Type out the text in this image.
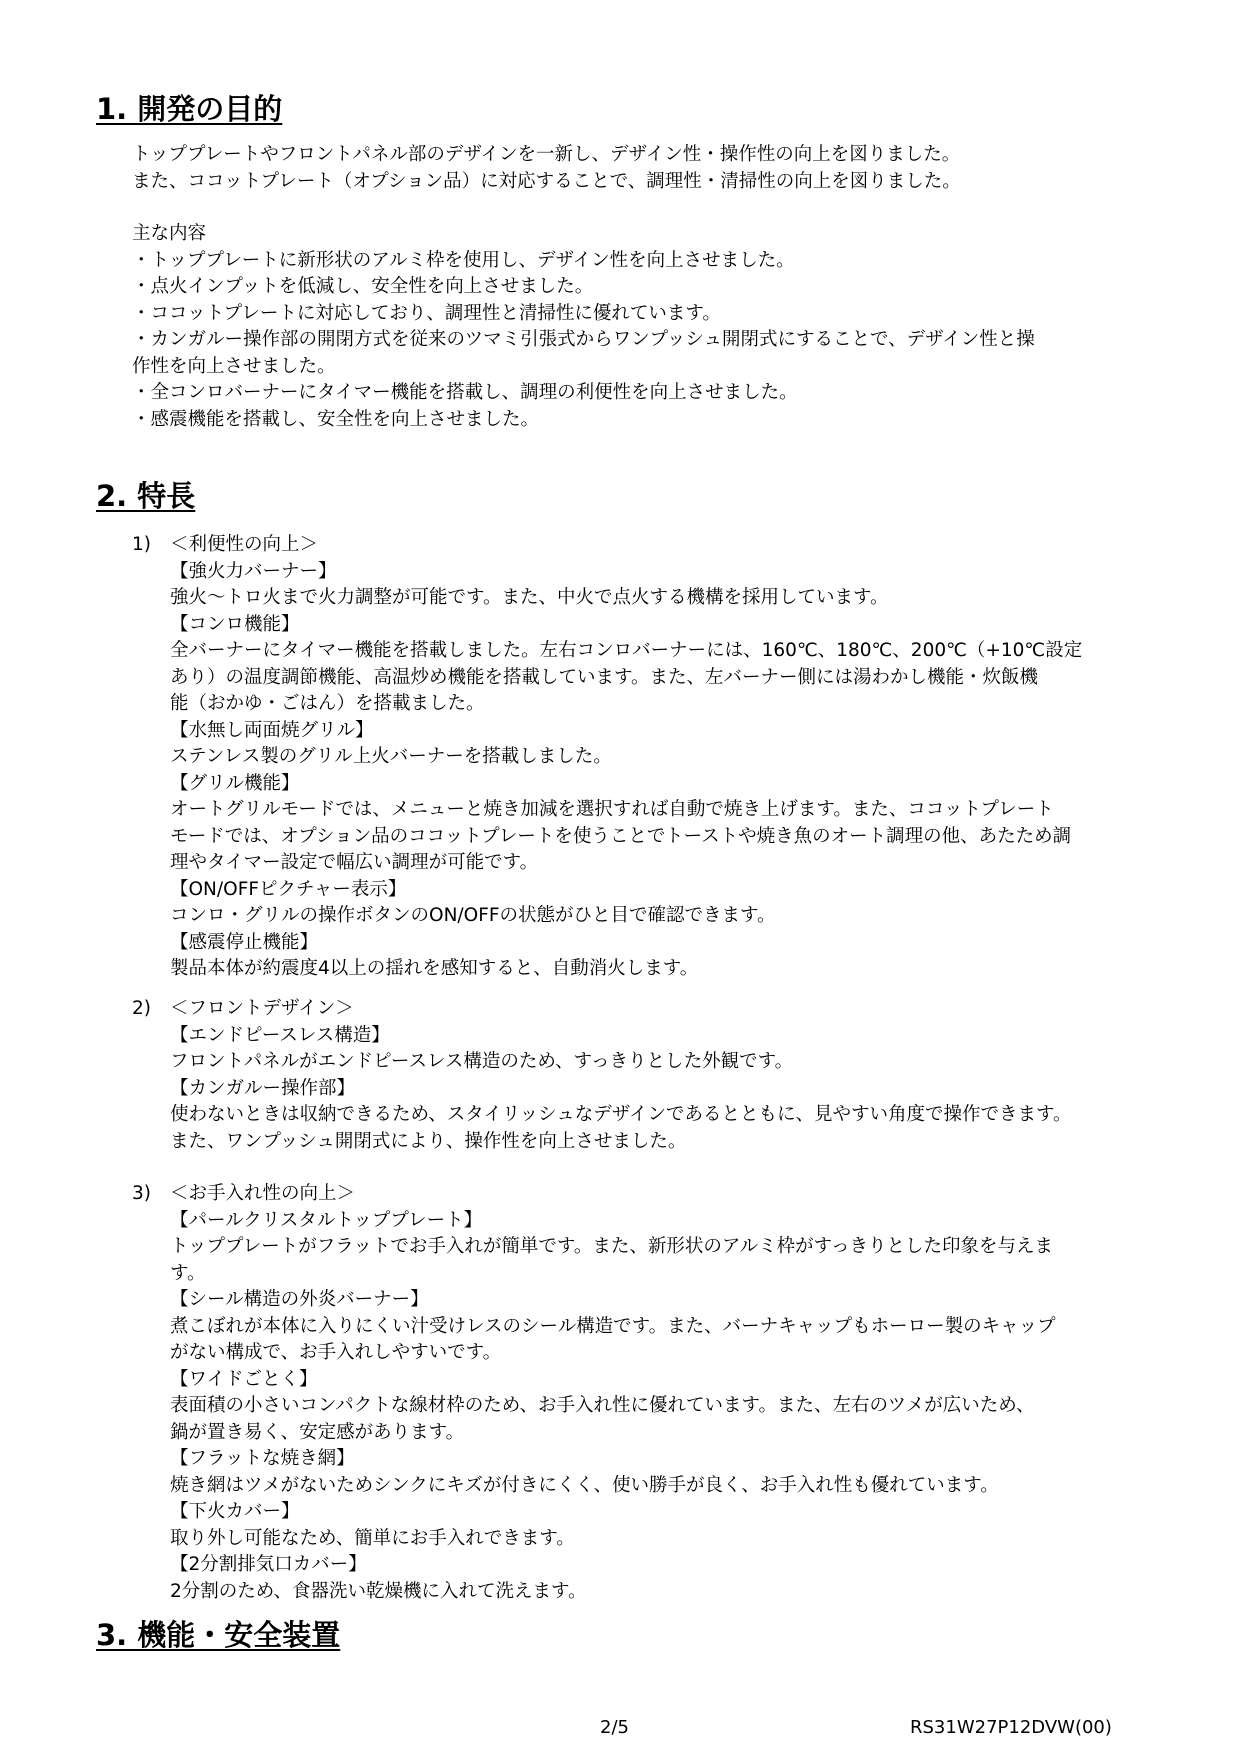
1. 開発の目的
トッププレートやフロントパネル部のデザインを一新し、デザイン性・操作性の向上を図りました。
また、ココットプレート（オプション品）に対応することで、調理性・清掃性の向上を図りました。
主な内容
・トッププレートに新形状のアルミ枠を使用し、デザイン性を向上させました。
・点火インプットを低減し、安全性を向上させました。
・ココットプレートに対応しており、調理性と清掃性に優れています。
・カンガルー操作部の開閉方式を従来のツマミ引張式からワンプッシュ開閉式にすることで、デザイン性と操
作性を向上させました。
・全コンロバーナーにタイマー機能を搭載し、調理の利便性を向上させました。
・感震機能を搭載し、安全性を向上させました。
2. 特長
1) ＜利便性の向上＞
【強火力バーナー】
強火～トロ火まで火力調整が可能です。また、中火で点火する機構を採用しています。
【コンロ機能】
全バーナーにタイマー機能を搭載しました。左右コンロバーナーには、160℃、180℃、200℃（+10℃設定
あり）の温度調節機能、高温炒め機能を搭載しています。また、左バーナー側には湯わかし機能・炊飯機
能（おかゆ・ごはん）を搭載ました。
【水無し両面焼グリル】
ステンレス製のグリル上火バーナーを搭載しました。
【グリル機能】
オートグリルモードでは、メニューと焼き加減を選択すれば自動で焼き上げます。また、ココットプレート
モードでは、オプション品のココットプレートを使うことでトーストや焼き魚のオート調理の他、あたため調
理やタイマー設定で幅広い調理が可能です。
【ON/OFFピクチャー表示】
コンロ・グリルの操作ボタンのON/OFFの状態がひと目で確認できます。
【感震停止機能】
製品本体が約震度4以上の揺れを感知すると、自動消火します。
2) ＜フロントデザイン＞
【エンドピースレス構造】
フロントパネルがエンドピースレス構造のため、すっきりとした外観です。
【カンガルー操作部】
使わないときは収納できるため、スタイリッシュなデザインであるとともに、見やすい角度で操作できます。
また、ワンプッシュ開閉式により、操作性を向上させました。
3) ＜お手入れ性の向上＞
【パールクリスタルトッププレート】
トッププレートがフラットでお手入れが簡単です。また、新形状のアルミ枠がすっきりとした印象を与えま
す。
【シール構造の外炎バーナー】
煮こぼれが本体に入りにくい汁受けレスのシール構造です。また、バーナキャップもホーロー製のキャップ
がない構成で、お手入れしやすいです。
【ワイドごとく】
表面積の小さいコンパクトな線材枠のため、お手入れ性に優れています。また、左右のツメが広いため、
鍋が置き易く、安定感があります。
【フラットな焼き網】
焼き網はツメがないためシンクにキズが付きにくく、使い勝手が良く、お手入れ性も優れています。
【下火カバー】
取り外し可能なため、簡単にお手入れできます。
【2分割排気口カバー】
2分割のため、食器洗い乾燥機に入れて洗えます。
3. 機能・安全装置
2/5	RS31W27P12DVW(00)
